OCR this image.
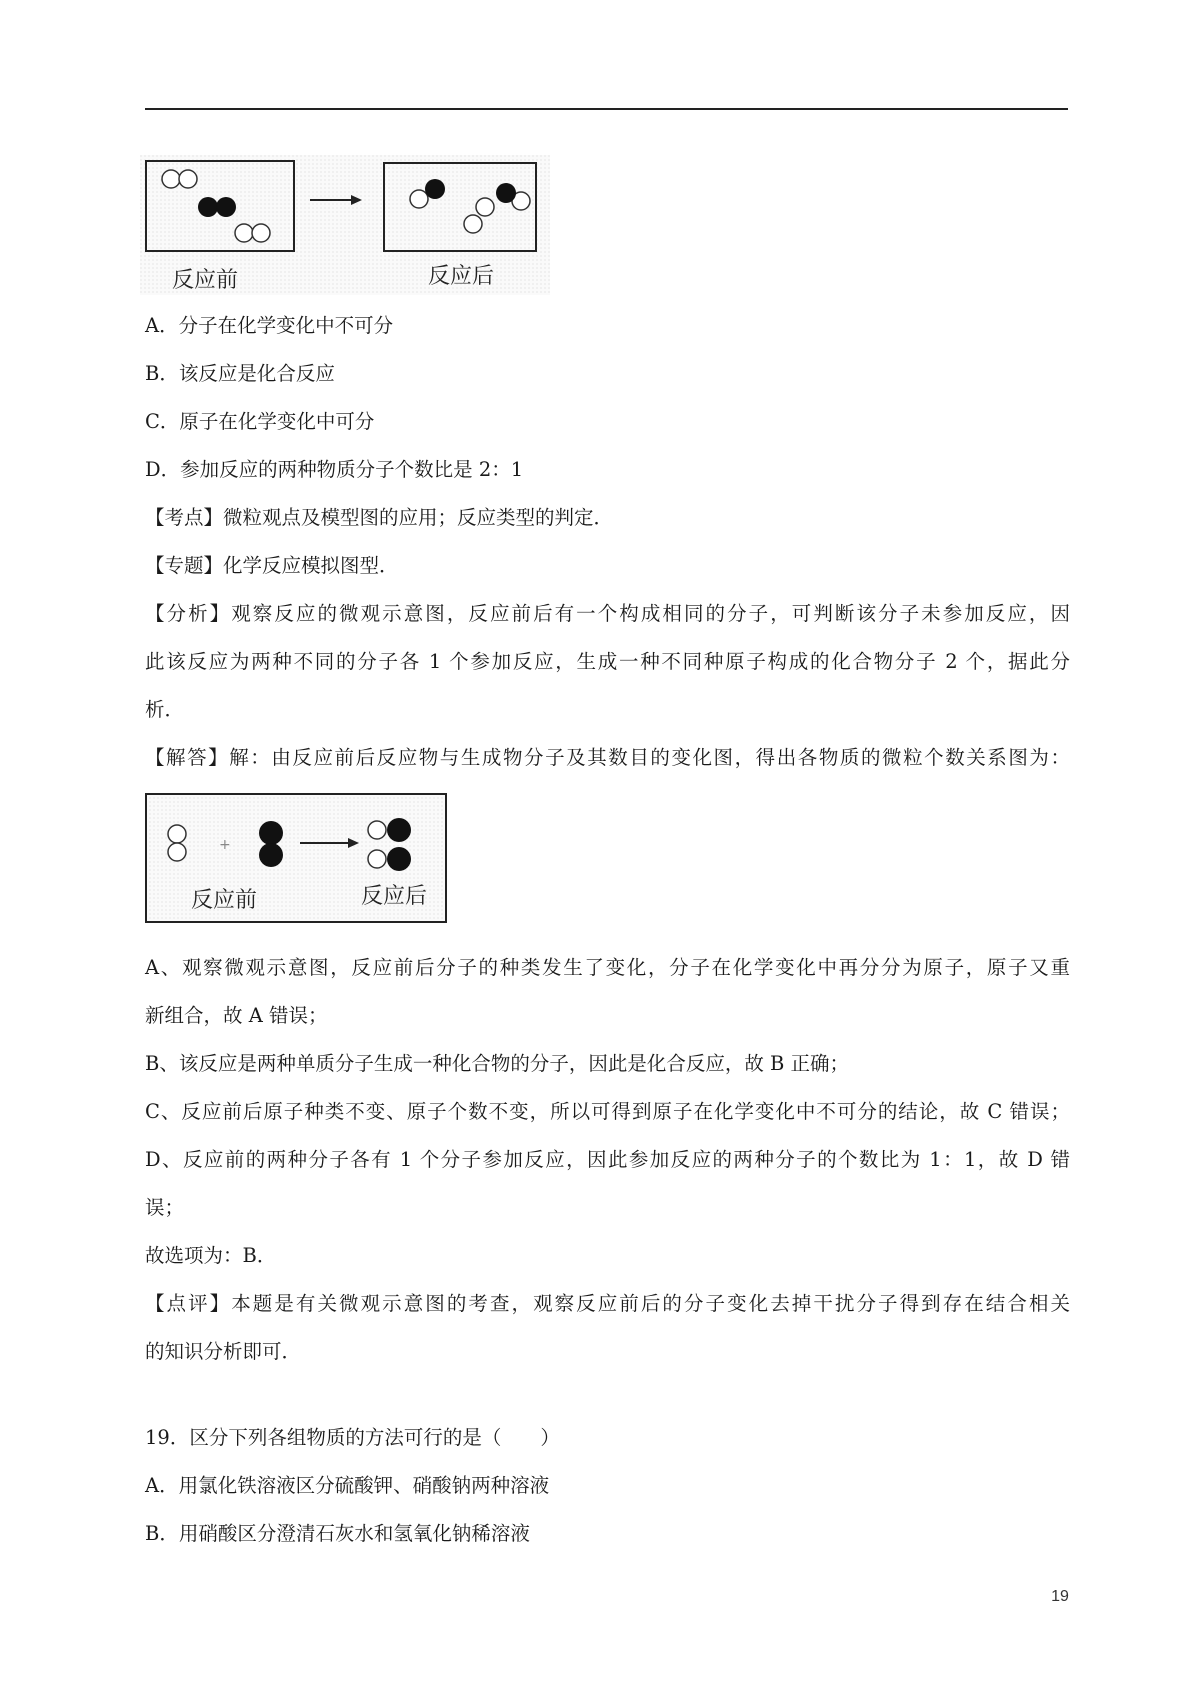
反应前	反应后
A．分子在化学变化中不可分
B．该反应是化合反应
C．原子在化学变化中可分
D．参加反应的两种物质分子个数比是 2：1
【考点】微粒观点及模型图的应用；反应类型的判定．
【专题】化学反应模拟图型．
【分析】观察反应的微观示意图，反应前后有一个构成相同的分子，可判断该分子未参加反应，因
此该反应为两种不同的分子各 1 个参加反应，生成一种不同种原子构成的化合物分子 2 个，据此分
析．
【解答】解：由反应前后反应物与生成物分子及其数目的变化图，得出各物质的微粒个数关系图为：
+
反应前	反应后
A、观察微观示意图，反应前后分子的种类发生了变化，分子在化学变化中再分分为原子，原子又重
新组合，故 A 错误；
B、该反应是两种单质分子生成一种化合物的分子，因此是化合反应，故 B 正确；
C、反应前后原子种类不变、原子个数不变，所以可得到原子在化学变化中不可分的结论，故 C 错误；
D、反应前的两种分子各有 1 个分子参加反应，因此参加反应的两种分子的个数比为 1：1，故 D 错
误；
故选项为：B．
【点评】本题是有关微观示意图的考查，观察反应前后的分子变化去掉干扰分子得到存在结合相关
的知识分析即可．
19．区分下列各组物质的方法可行的是（　　）
A．用氯化铁溶液区分硫酸钾、硝酸钠两种溶液
B．用硝酸区分澄清石灰水和氢氧化钠稀溶液
19
